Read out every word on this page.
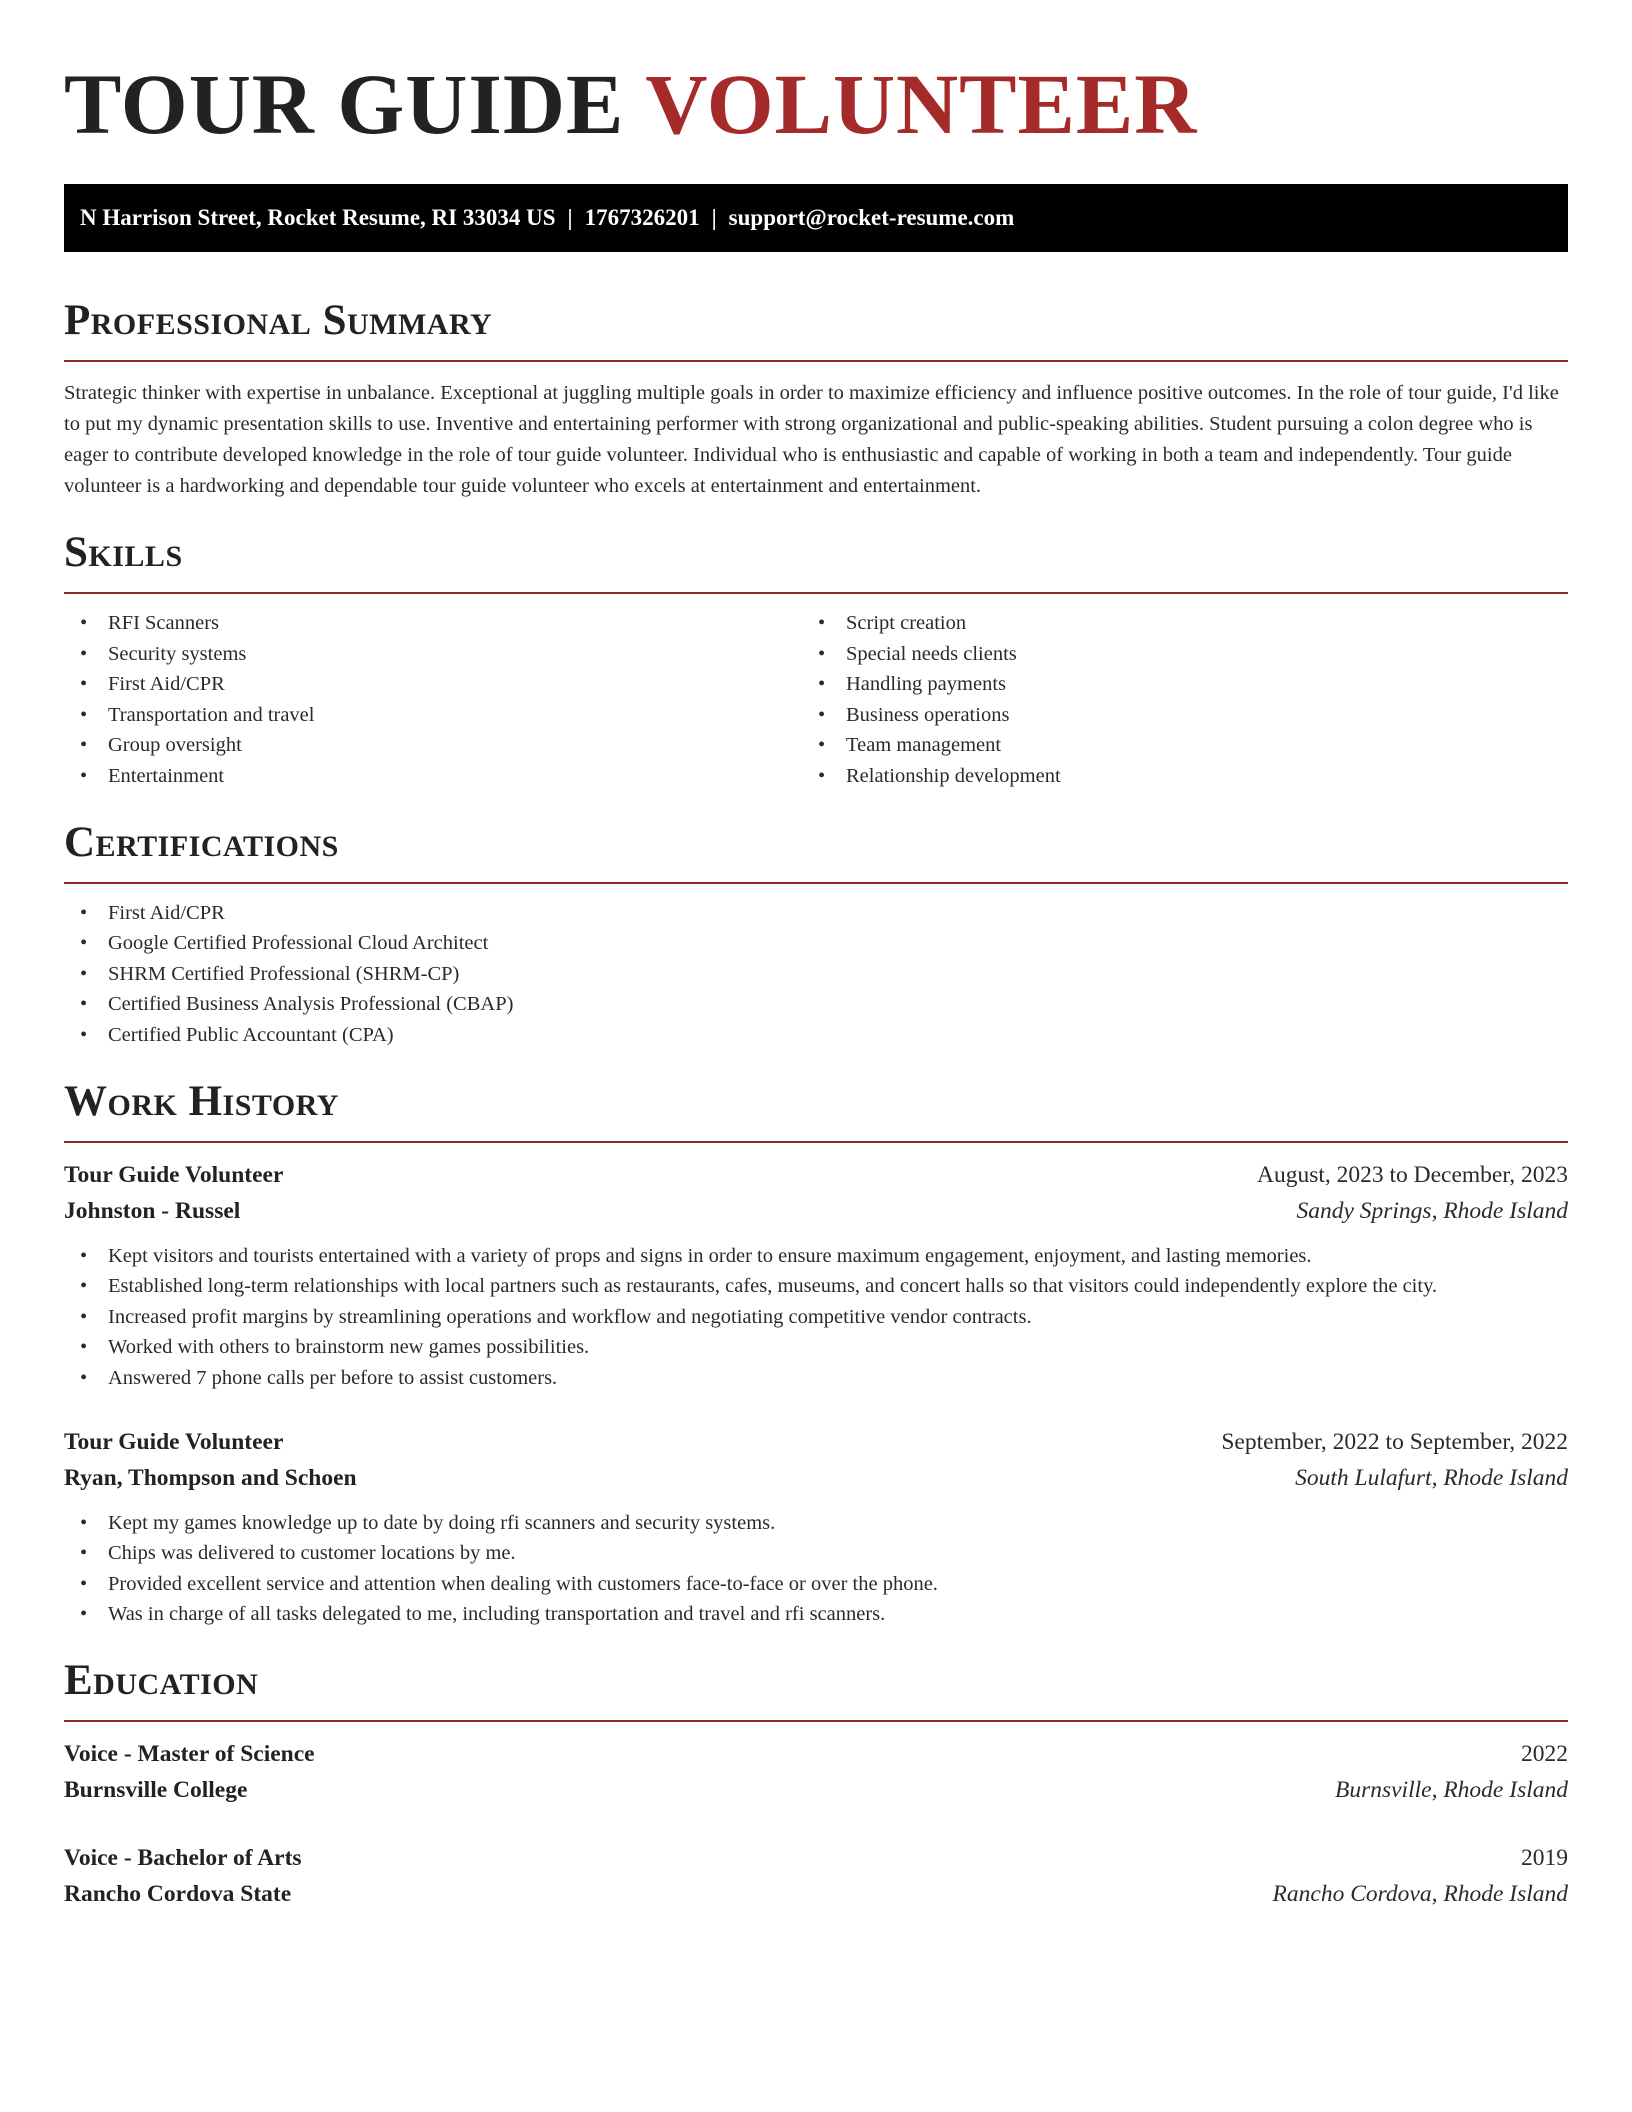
TOUR GUIDE VOLUNTEER
N Harrison Street, Rocket Resume, RI 33034 US | 1767326201 | support@rocket-resume.com
Professional Summary

Strategic thinker with expertise in unbalance. Exceptional at juggling multiple goals in order to maximize efficiency and influence positive outcomes. In the role of tour guide, I'd like to put my dynamic presentation skills to use. Inventive and entertaining performer with strong organizational and public-speaking abilities. Student pursuing a colon degree who is eager to contribute developed knowledge in the role of tour guide volunteer. Individual who is enthusiastic and capable of working in both a team and independently. Tour guide volunteer is a hardworking and dependable tour guide volunteer who excels at entertainment and entertainment.

Skills
• RFI Scanners
• Security systems
• First Aid/CPR
• Transportation and travel
• Group oversight
• Entertainment
• Script creation
• Special needs clients
• Handling payments
• Business operations
• Team management
• Relationship development
Certifications
• First Aid/CPR
• Google Certified Professional Cloud Architect
• SHRM Certified Professional (SHRM-CP)
• Certified Business Analysis Professional (CBAP)
• Certified Public Accountant (CPA)
Work History
Tour Guide Volunteer	August, 2023 to December, 2023
Johnston - Russel	Sandy Springs, Rhode Island
• Kept visitors and tourists entertained with a variety of props and signs in order to ensure maximum engagement, enjoyment, and lasting memories.
• Established long-term relationships with local partners such as restaurants, cafes, museums, and concert halls so that visitors could independently explore the city.
• Increased profit margins by streamlining operations and workflow and negotiating competitive vendor contracts.
• Worked with others to brainstorm new games possibilities.
• Answered 7 phone calls per before to assist customers.
Tour Guide Volunteer	September, 2022 to September, 2022
Ryan, Thompson and Schoen	South Lulafurt, Rhode Island
• Kept my games knowledge up to date by doing rfi scanners and security systems.
• Chips was delivered to customer locations by me.
• Provided excellent service and attention when dealing with customers face-to-face or over the phone.
• Was in charge of all tasks delegated to me, including transportation and travel and rfi scanners.
Education
Voice - Master of Science	2022
Burnsville College	Burnsville, Rhode Island
Voice - Bachelor of Arts	2019
Rancho Cordova State	Rancho Cordova, Rhode Island
